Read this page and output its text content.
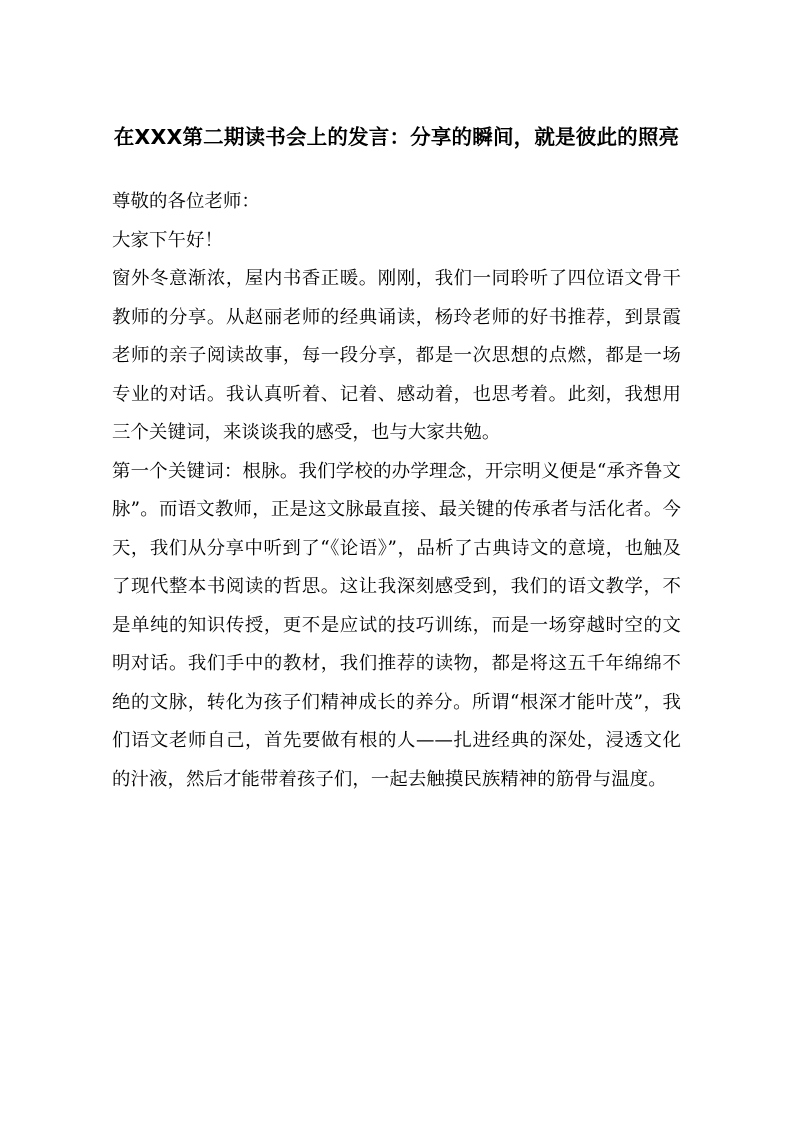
在XXX第二期读书会上的发言：分享的瞬间，就是彼此的照亮

尊敬的各位老师：

大家下午好！

窗外冬意渐浓，屋内书香正暖。刚刚，我们一同聆听了四位语文骨干教师的分享。从赵丽老师的经典诵读，杨玲老师的好书推荐，到景霞老师的亲子阅读故事，每一段分享，都是一次思想的点燃，都是一场专业的对话。我认真听着、记着、感动着，也思考着。此刻，我想用三个关键词，来谈谈我的感受，也与大家共勉。

第一个关键词：根脉。我们学校的办学理念，开宗明义便是“承齐鲁文脉”。而语文教师，正是这文脉最直接、最关键的传承者与活化者。今天，我们从分享中听到了“《论语》”，品析了古典诗文的意境，也触及了现代整本书阅读的哲思。这让我深刻感受到，我们的语文教学，不是单纯的知识传授，更不是应试的技巧训练，而是一场穿越时空的文明对话。我们手中的教材，我们推荐的读物，都是将这五千年绵绵不绝的文脉，转化为孩子们精神成长的养分。所谓“根深才能叶茂”，我们语文老师自己，首先要做有根的人——扎进经典的深处，浸透文化的汁液，然后才能带着孩子们，一起去触摸民族精神的筋骨与温度。
